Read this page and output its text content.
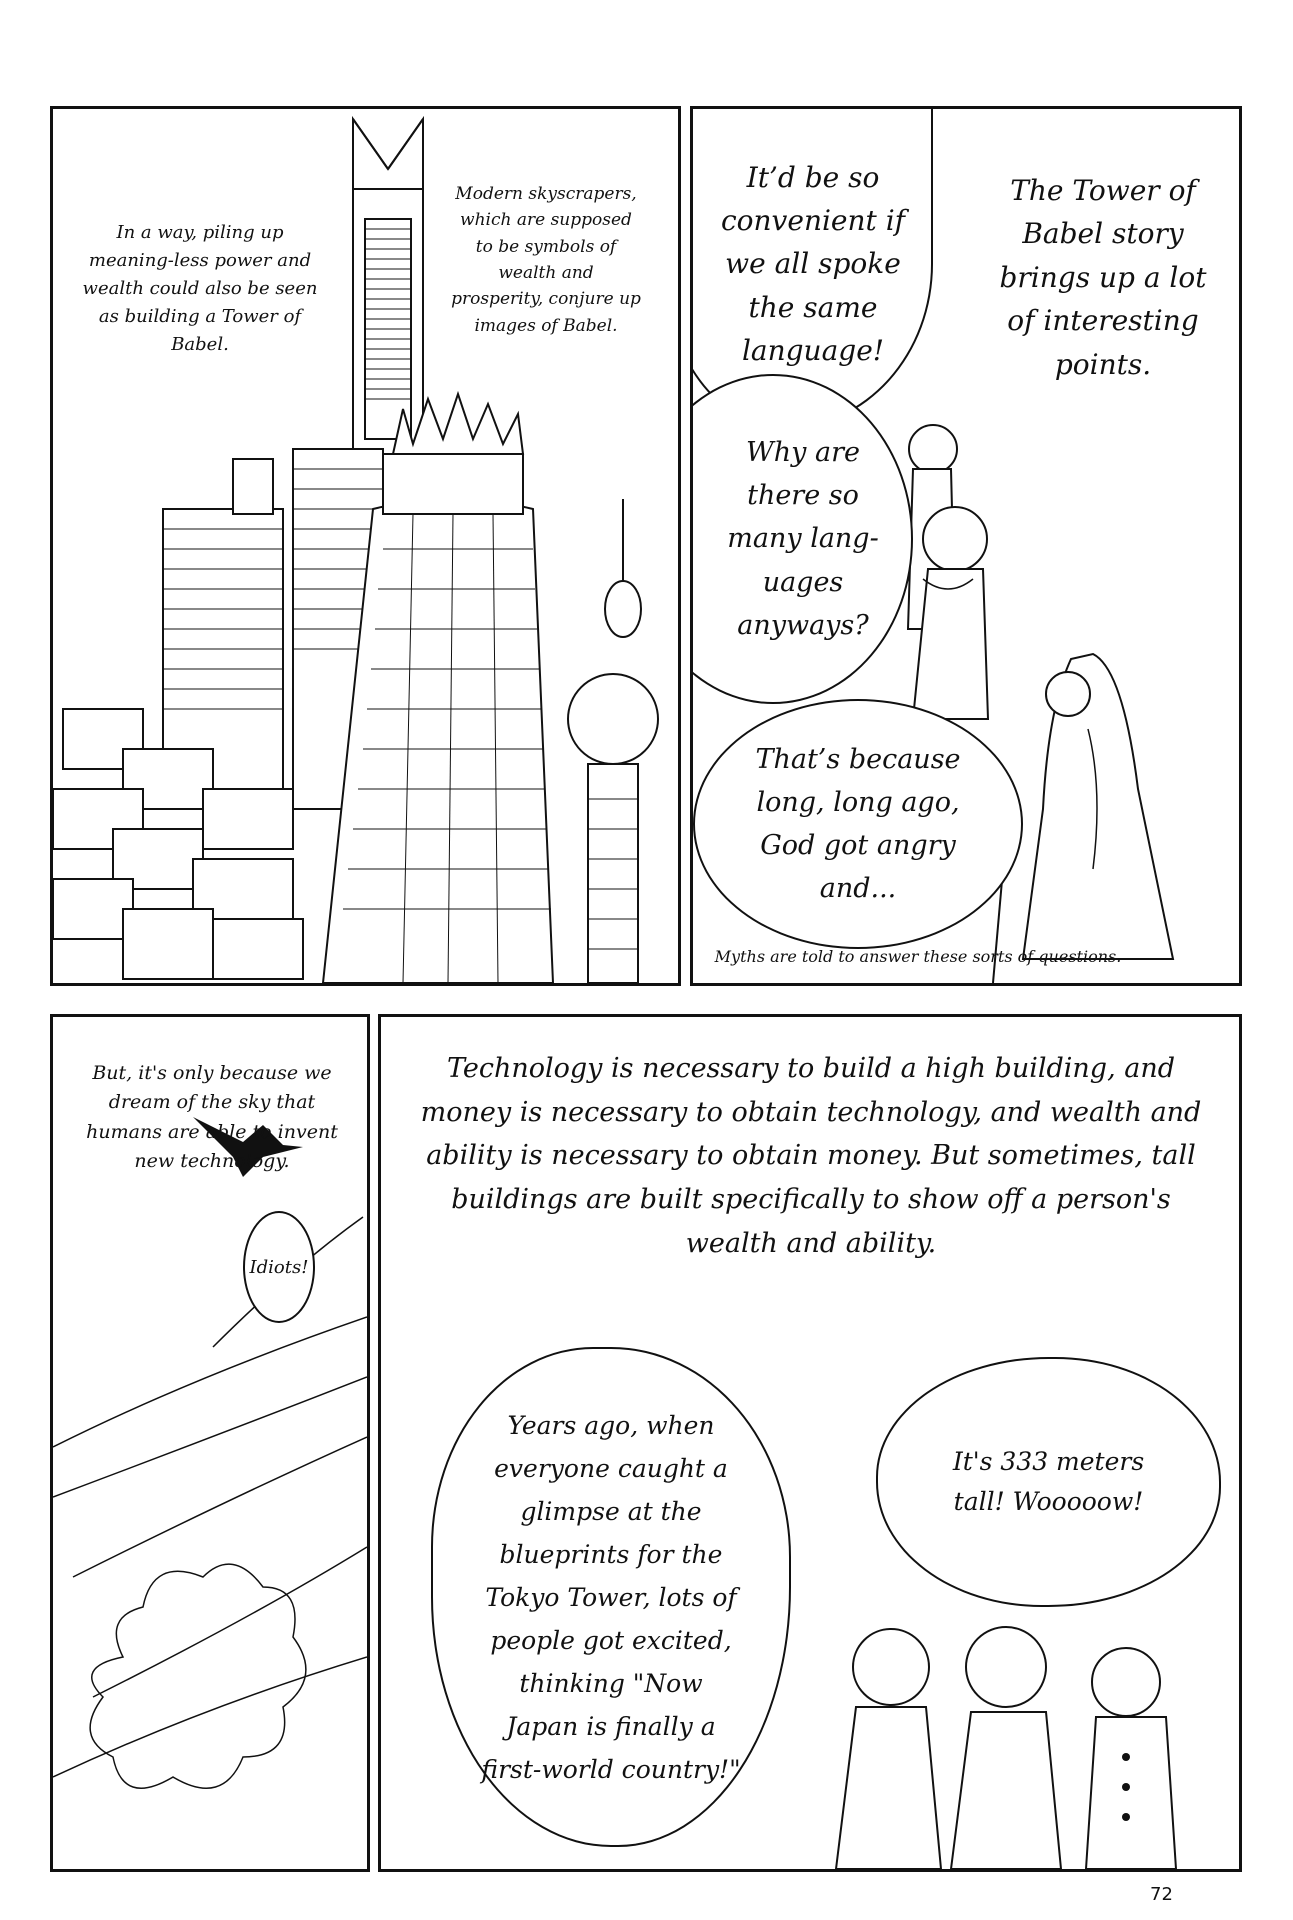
In a way, piling up meaning-less power and wealth could also be seen as building a Tower of Babel.
Modern skyscrapers, which are supposed to be symbols of wealth and prosperity, conjure up images of Babel.
The Tower of Babel story brings up a lot of interesting points.
It’d be so convenient if we all spoke the same language!
Why are there so many lang-uages anyways?
That’s because long, long ago, God got angry and...
Myths are told to answer these sorts of questions.
But, it's only because we dream of the sky that humans are able to invent new technology.
Idiots!
Technology is necessary to build a high building, and money is necessary to obtain technology, and wealth and ability is necessary to obtain money. But sometimes, tall buildings are built specifically to show off a person's wealth and ability.
Years ago, when everyone caught a glimpse at the blueprints for the Tokyo Tower, lots of people got excited, thinking "Now Japan is finally a first-world country!"
It's 333 meters tall! Wooooow!
72
